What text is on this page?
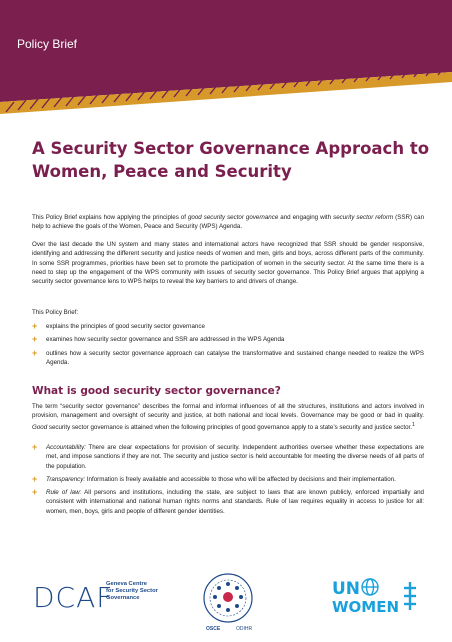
Policy Brief
A Security Sector Governance Approach to
Women, Peace and Security

This Policy Brief explains how applying the principles of good security sector governance and engaging with security sector reform (SSR) can help to achieve the goals of the Women, Peace and Security (WPS) Agenda.

Over the last decade the UN system and many states and international actors have recognized that SSR should be gender responsive, identifying and addressing the different security and justice needs of women and men, girls and boys, across different parts of the community. In some SSR programmes, priorities have been set to promote the participation of women in the security sector. At the same time there is a need to step up the engagement of the WPS community with issues of security sector governance. This Policy Brief argues that applying a security sector governance lens to WPS helps to reveal the key barriers to and drivers of change.

This Policy Brief:

+ explains the principles of good security sector governance
+ examines how security sector governance and SSR are addressed in the WPS Agenda
+ outlines how a security sector governance approach can catalyse the transformative and sustained change needed to realize the WPS Agenda.
What is good security sector governance?

The term “security sector governance” describes the formal and informal influences of all the structures, institutions and actors involved in provision, management and oversight of security and justice, at both national and local levels. Governance may be good or bad in quality. Good security sector governance is attained when the following principles of good governance apply to a state’s security and justice sector.$^1$

+ Accountability: There are clear expectations for provision of security. Independent authorities oversee whether these expectations are met, and impose sanctions if they are not. The security and justice sector is held accountable for meeting the diverse needs of all parts of the population.
+ Transparency: Information is freely available and accessible to those who will be affected by decisions and their implementation.
+ Rule of law: All persons and institutions, including the state, are subject to laws that are known publicly, enforced impartially and consistent with international and national human rights norms and standards. Rule of law requires equality in access to justice for all: women, men, boys, girls and people of different gender identities.
DCAF
Geneva Centre
for Security Sector
Governance
OSCE	ODIHR
UN
WOMEN
